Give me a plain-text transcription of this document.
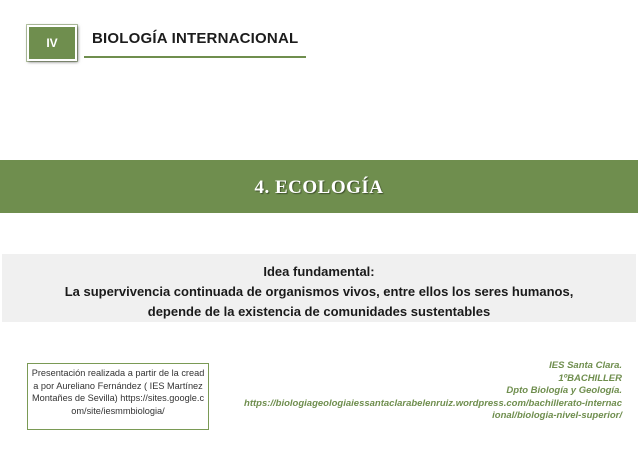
IV BIOLOGÍA INTERNACIONAL
4. ECOLOGÍA
Idea fundamental:
La supervivencia continuada de organismos vivos, entre ellos los seres humanos,
depende de la existencia de comunidades sustentables
Presentación realizada a partir de la creada por Aureliano Fernández ( IES Martínez Montañes de Sevilla) https://sites.google.com/site/iesmmbiologia/
IES Santa Clara.
1ºBACHILLER
Dpto Biología y Geología.
https://biologiageologiaiessantaclarabelenruiz.wordpress.com/bachillerato-internacional/biologia-nivel-superior/
